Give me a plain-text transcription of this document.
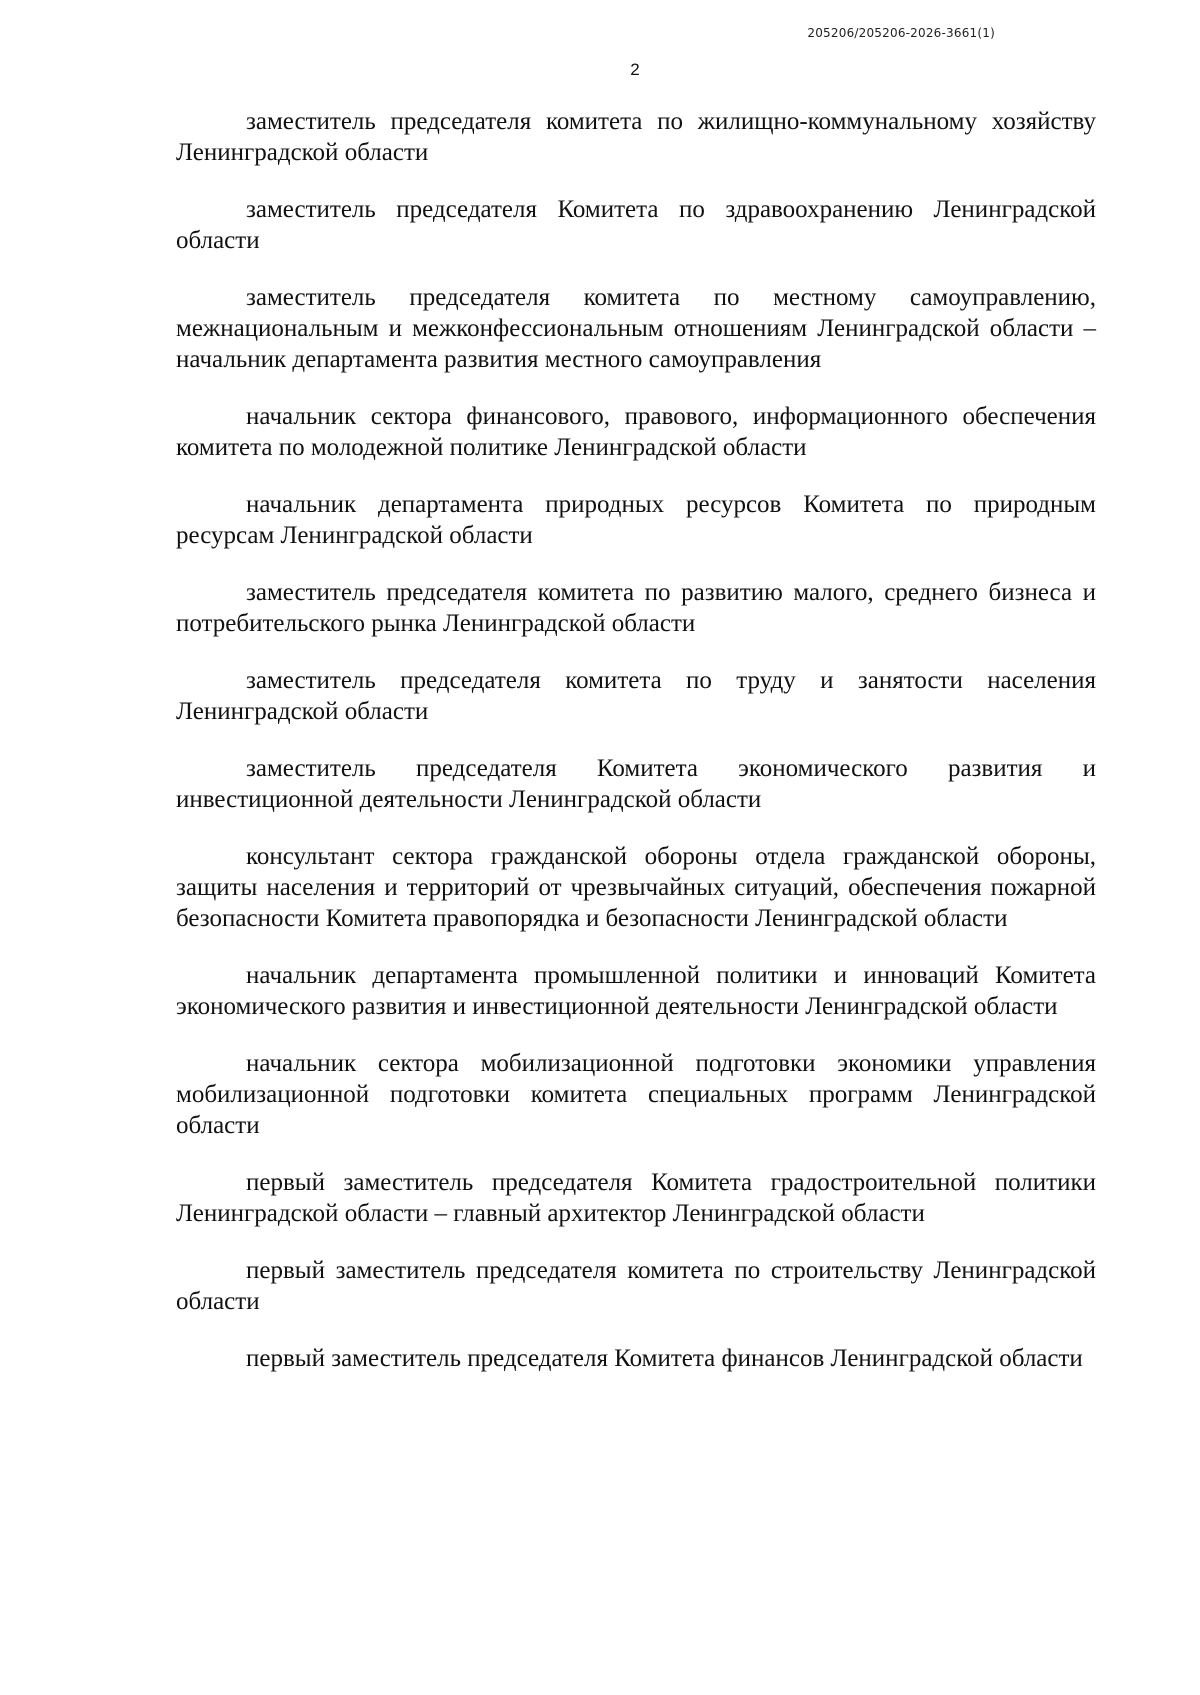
205206/205206-2026-3661(1)
2

заместитель председателя комитета по жилищно-коммунальному хозяйству Ленинградской области

заместитель председателя Комитета по здравоохранению Ленинградской области

заместитель председателя комитета по местному самоуправлению, межнациональным и межконфессиональным отношениям Ленинградской области – начальник департамента развития местного самоуправления

начальник сектора финансового, правового, информационного обеспечения комитета по молодежной политике Ленинградской области

начальник департамента природных ресурсов Комитета по природным ресурсам Ленинградской области

заместитель председателя комитета по развитию малого, среднего бизнеса и потребительского рынка Ленинградской области

заместитель председателя комитета по труду и занятости населения Ленинградской области

заместитель председателя Комитета экономического развития и инвестиционной деятельности Ленинградской области

консультант сектора гражданской обороны отдела гражданской обороны, защиты населения и территорий от чрезвычайных ситуаций, обеспечения пожарной безопасности Комитета правопорядка и безопасности Ленинградской области

начальник департамента промышленной политики и инноваций Комитета экономического развития и инвестиционной деятельности Ленинградской области

начальник сектора мобилизационной подготовки экономики управления мобилизационной подготовки комитета специальных программ Ленинградской области

первый заместитель председателя Комитета градостроительной политики Ленинградской области – главный архитектор Ленинградской области

первый заместитель председателя комитета по строительству Ленинградской области

первый заместитель председателя Комитета финансов Ленинградской области
